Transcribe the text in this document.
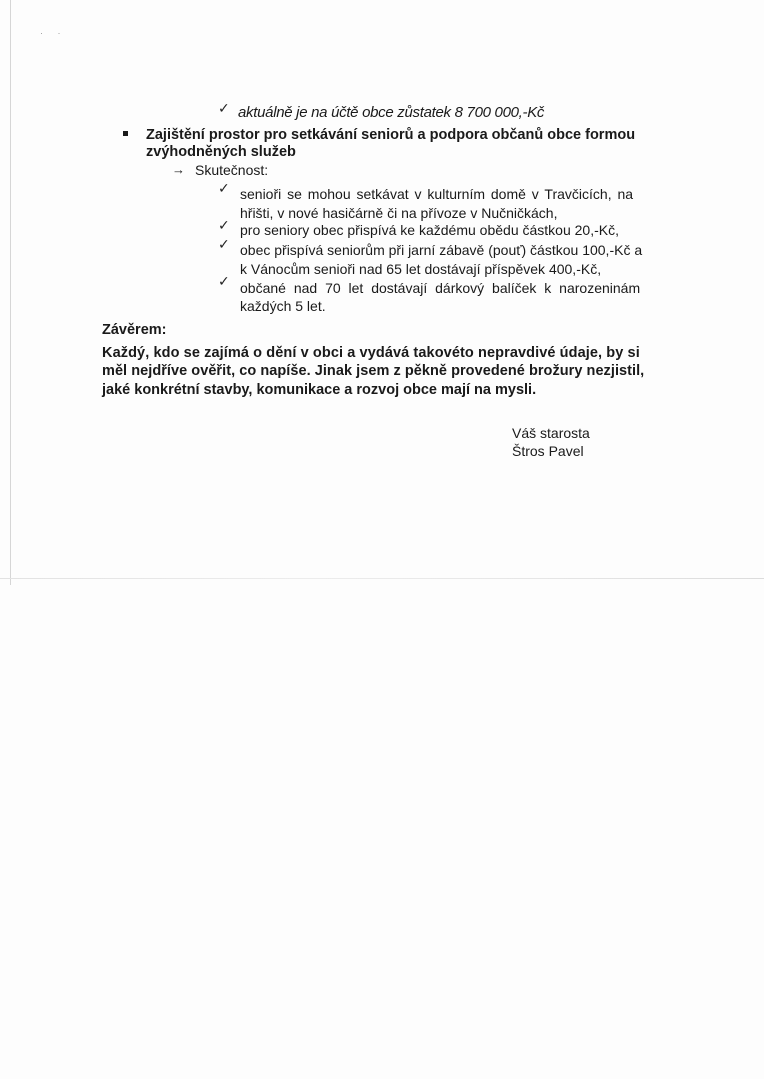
· ·
✓ aktuálně je na účtě obce zůstatek 8 700 000,-Kč
Zajištění prostor pro setkávání seniorů a podpora občanů obce formou
zvýhodněných služeb
→ Skutečnost:
✓ senioři se mohou setkávat v kulturním domě v Travčicích, na
hřišti, v nové hasičárně či na přívoze v Nučničkách,
✓ pro seniory obec přispívá ke každému obědu částkou 20,-Kč,
✓ obec přispívá seniorům při jarní zábavě (pouť) částkou 100,-Kč a
k Vánocům senioři nad 65 let dostávají příspěvek 400,-Kč,
✓ občané nad 70 let dostávají dárkový balíček k narozeninám
každých 5 let.
Závěrem:
Každý, kdo se zajímá o dění v obci a vydává takovéto nepravdivé údaje, by si
měl nejdříve ověřit, co napíše. Jinak jsem z pěkně provedené brožury nezjistil,
jaké konkrétní stavby, komunikace a rozvoj obce mají na mysli.
Váš starosta
Štros Pavel
